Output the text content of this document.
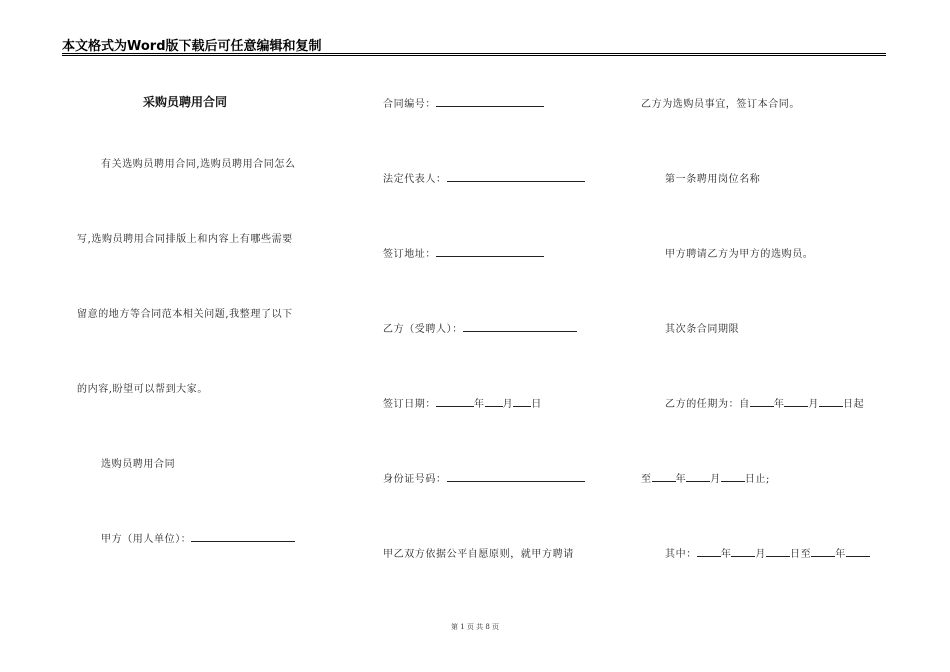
本文格式为Word版下载后可任意编辑和复制
采购员聘用合同
有关选购员聘用合同,选购员聘用合同怎么
写,选购员聘用合同排版上和内容上有哪些需要
留意的地方等合同范本相关问题,我整理了以下
的内容,盼望可以帮到大家。
选购员聘用合同
甲方（用人单位）：
合同编号：
法定代表人：
签订地址：
乙方（受聘人）：
签订日期：	年 月 日
身份证号码：
甲乙双方依据公平自愿原则，就甲方聘请
乙方为选购员事宜，签订本合同。
第一条聘用岗位名称
甲方聘请乙方为甲方的选购员。
其次条合同期限
乙方的任期为：自 年 月 日起
至 年 月 日止;
其中： 年 月 日至 年
第 1 页 共 8 页
